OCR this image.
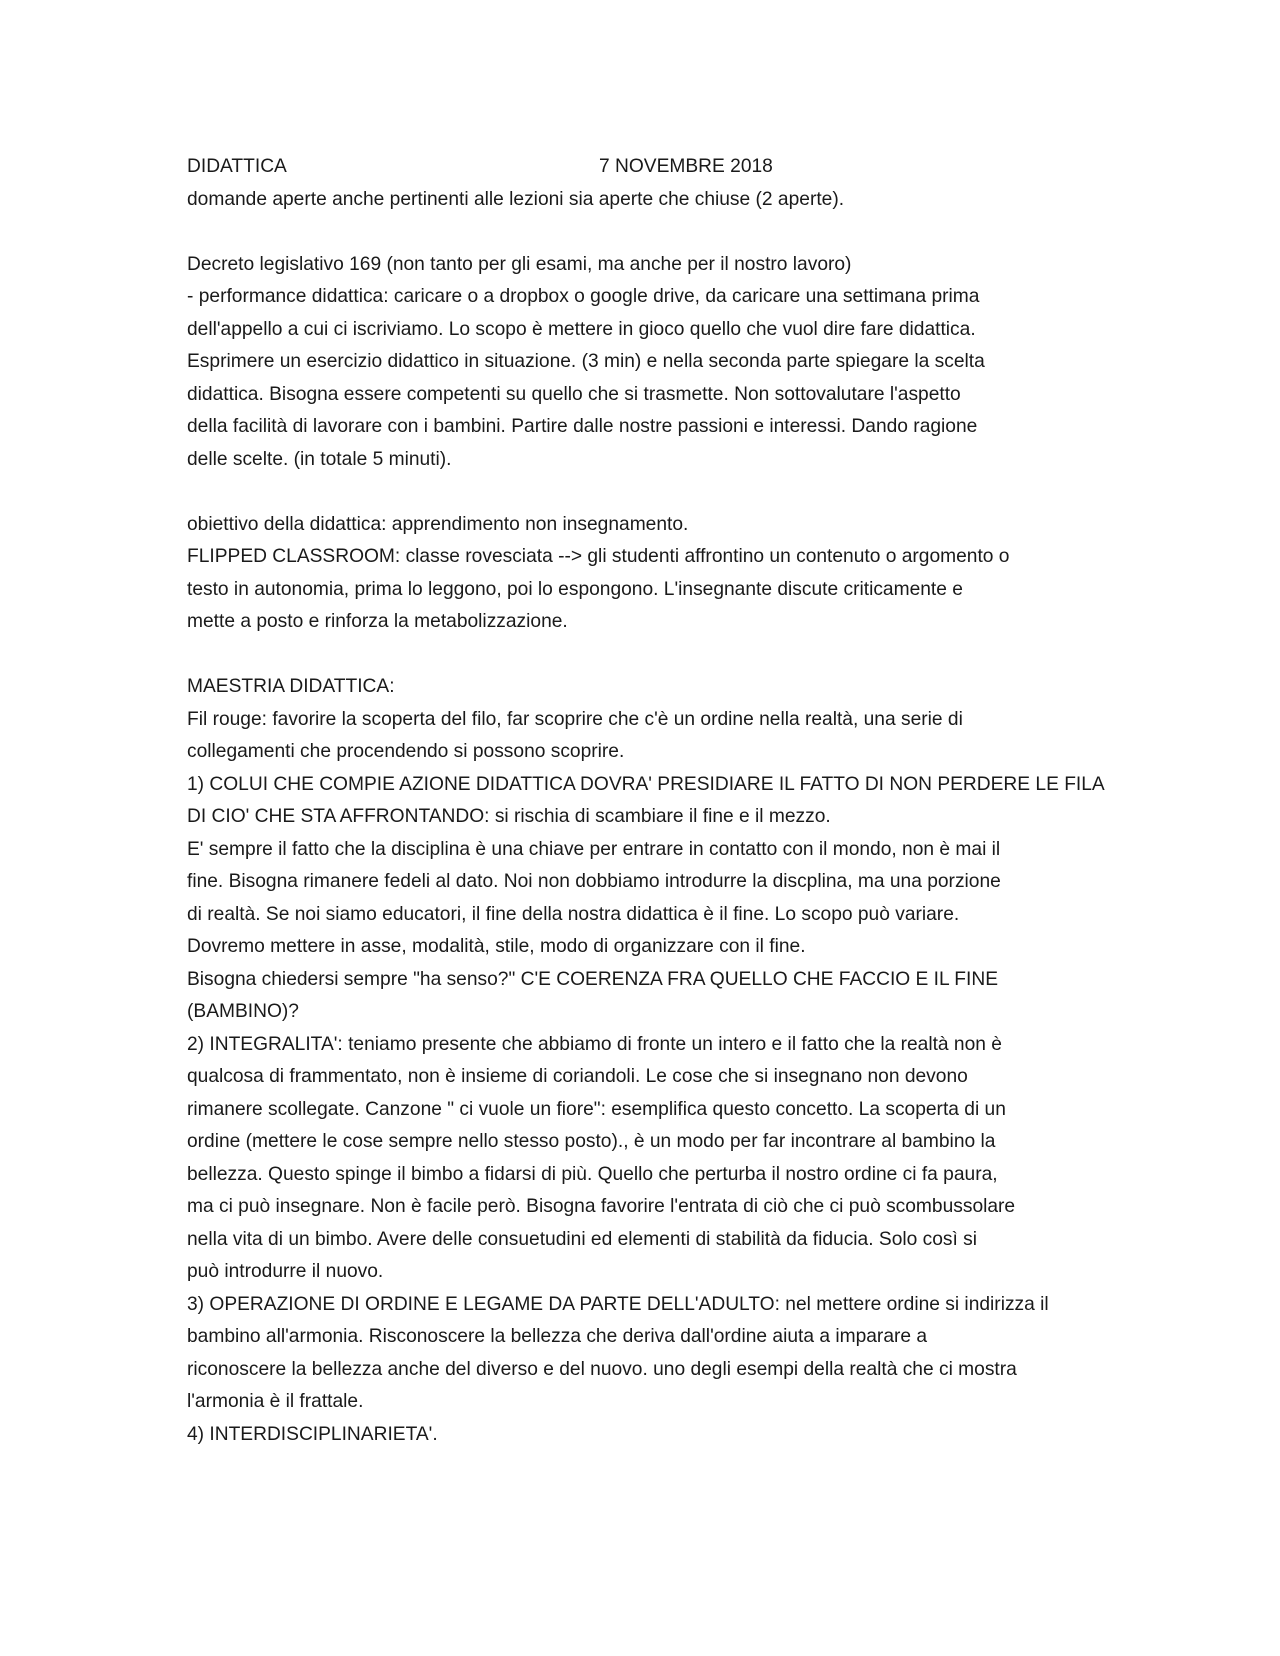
DIDATTICA	7 NOVEMBRE 2018

domande aperte anche pertinenti alle lezioni sia aperte che chiuse (2 aperte).

Decreto legislativo 169 (non tanto per gli esami, ma anche per il nostro lavoro)

- performance didattica: caricare o a dropbox o google drive, da caricare una settimana prima

dell'appello a cui ci iscriviamo. Lo scopo è mettere in gioco quello che vuol dire fare didattica.

Esprimere un esercizio didattico in situazione. (3 min) e nella seconda parte spiegare la scelta

didattica. Bisogna essere competenti su quello che si trasmette. Non sottovalutare l'aspetto

della facilità di lavorare con i bambini. Partire dalle nostre passioni e interessi. Dando ragione

delle scelte. (in totale 5 minuti).

obiettivo della didattica: apprendimento non insegnamento.

FLIPPED CLASSROOM: classe rovesciata --> gli studenti affrontino un contenuto o argomento o

testo in autonomia, prima lo leggono, poi lo espongono. L'insegnante discute criticamente e

mette a posto e rinforza la metabolizzazione.

MAESTRIA DIDATTICA:

Fil rouge: favorire la scoperta del filo, far scoprire che c'è un ordine nella realtà, una serie di

collegamenti che procendendo si possono scoprire.

1) COLUI CHE COMPIE AZIONE DIDATTICA DOVRA' PRESIDIARE IL FATTO DI NON PERDERE LE FILA

DI CIO' CHE STA AFFRONTANDO: si rischia di scambiare il fine e il mezzo.

E' sempre il fatto che la disciplina è una chiave per entrare in contatto con il mondo, non è mai il

fine. Bisogna rimanere fedeli al dato. Noi non dobbiamo introdurre la discplina, ma una porzione

di realtà. Se noi siamo educatori, il fine della nostra didattica è il fine. Lo scopo può variare.

Dovremo mettere in asse, modalità, stile, modo di organizzare con il fine.

Bisogna chiedersi sempre "ha senso?" C'E COERENZA FRA QUELLO CHE FACCIO E IL FINE

(BAMBINO)?

2) INTEGRALITA': teniamo presente che abbiamo di fronte un intero e il fatto che la realtà non è

qualcosa di frammentato, non è insieme di coriandoli. Le cose che si insegnano non devono

rimanere scollegate. Canzone " ci vuole un fiore": esemplifica questo concetto. La scoperta di un

ordine (mettere le cose sempre nello stesso posto)., è un modo per far incontrare al bambino la

bellezza. Questo spinge il bimbo a fidarsi di più. Quello che perturba il nostro ordine ci fa paura,

ma ci può insegnare. Non è facile però. Bisogna favorire l'entrata di ciò che ci può scombussolare

nella vita di un bimbo. Avere delle consuetudini ed elementi di stabilità da fiducia. Solo così si

può introdurre il nuovo.

3) OPERAZIONE DI ORDINE E LEGAME DA PARTE DELL'ADULTO: nel mettere ordine si indirizza il

bambino all'armonia. Risconoscere la bellezza che deriva dall'ordine aiuta a imparare a

riconoscere la bellezza anche del diverso e del nuovo. uno degli esempi della realtà che ci mostra

l'armonia è il frattale.

4) INTERDISCIPLINARIETA'.
